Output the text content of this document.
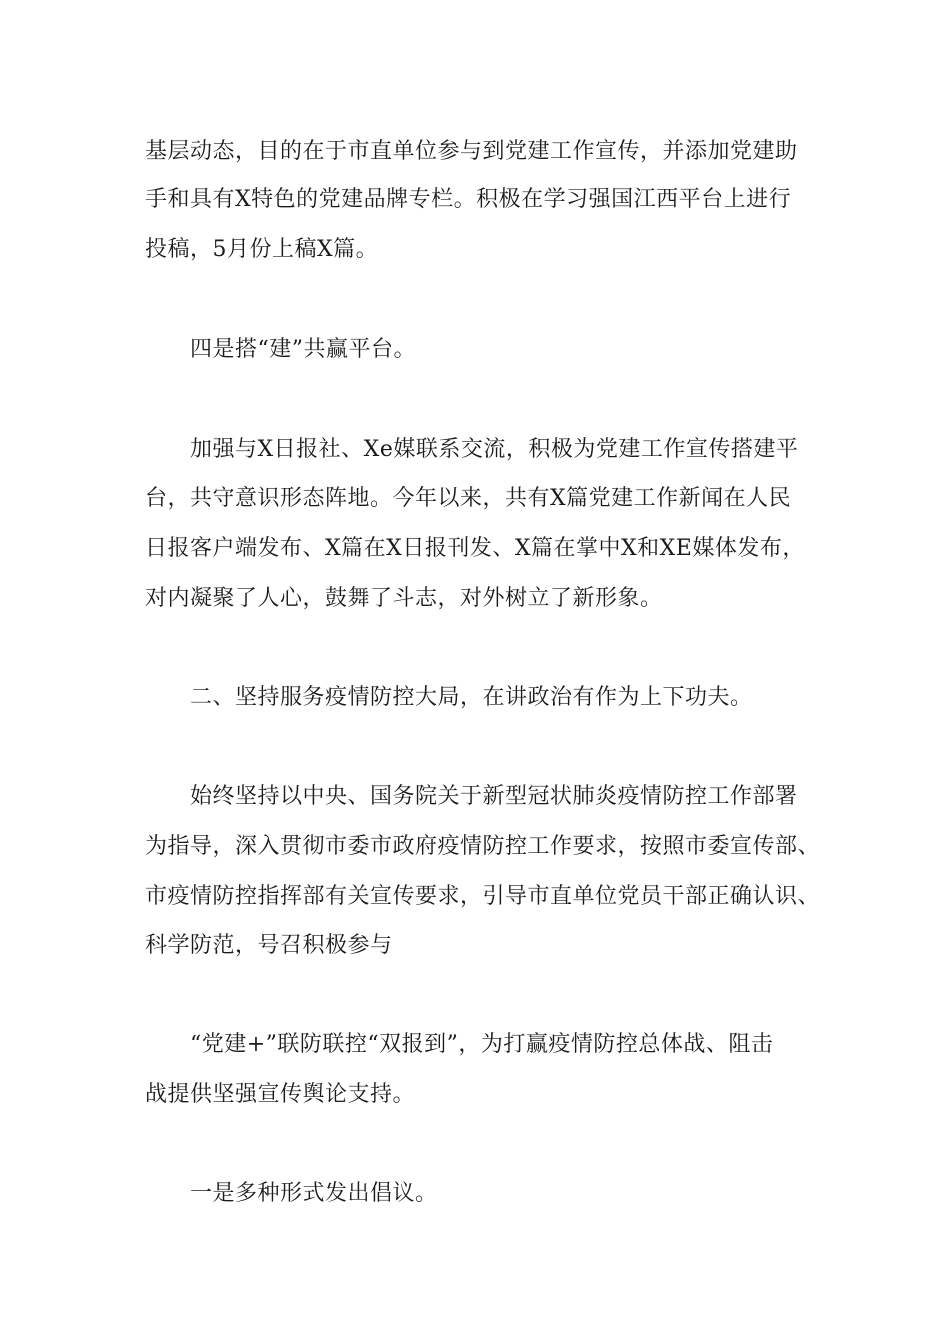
基层动态，目的在于市直单位参与到党建工作宣传，并添加党建助
手和具有X特色的党建品牌专栏。积极在学习强国江西平台上进行
投稿，5月份上稿X篇。
四是搭“建”共赢平台。
加强与X日报社、Xe媒联系交流，积极为党建工作宣传搭建平
台，共守意识形态阵地。今年以来，共有X篇党建工作新闻在人民
日报客户端发布、X篇在X日报刊发、X篇在掌中X和XE媒体发布，
对内凝聚了人心，鼓舞了斗志，对外树立了新形象。
二、坚持服务疫情防控大局，在讲政治有作为上下功夫。
始终坚持以中央、国务院关于新型冠状肺炎疫情防控工作部署
为指导，深入贯彻市委市政府疫情防控工作要求，按照市委宣传部、
市疫情防控指挥部有关宣传要求，引导市直单位党员干部正确认识、
科学防范，号召积极参与
“党建+”联防联控“双报到”，为打赢疫情防控总体战、阻击
战提供坚强宣传舆论支持。
一是多种形式发出倡议。
